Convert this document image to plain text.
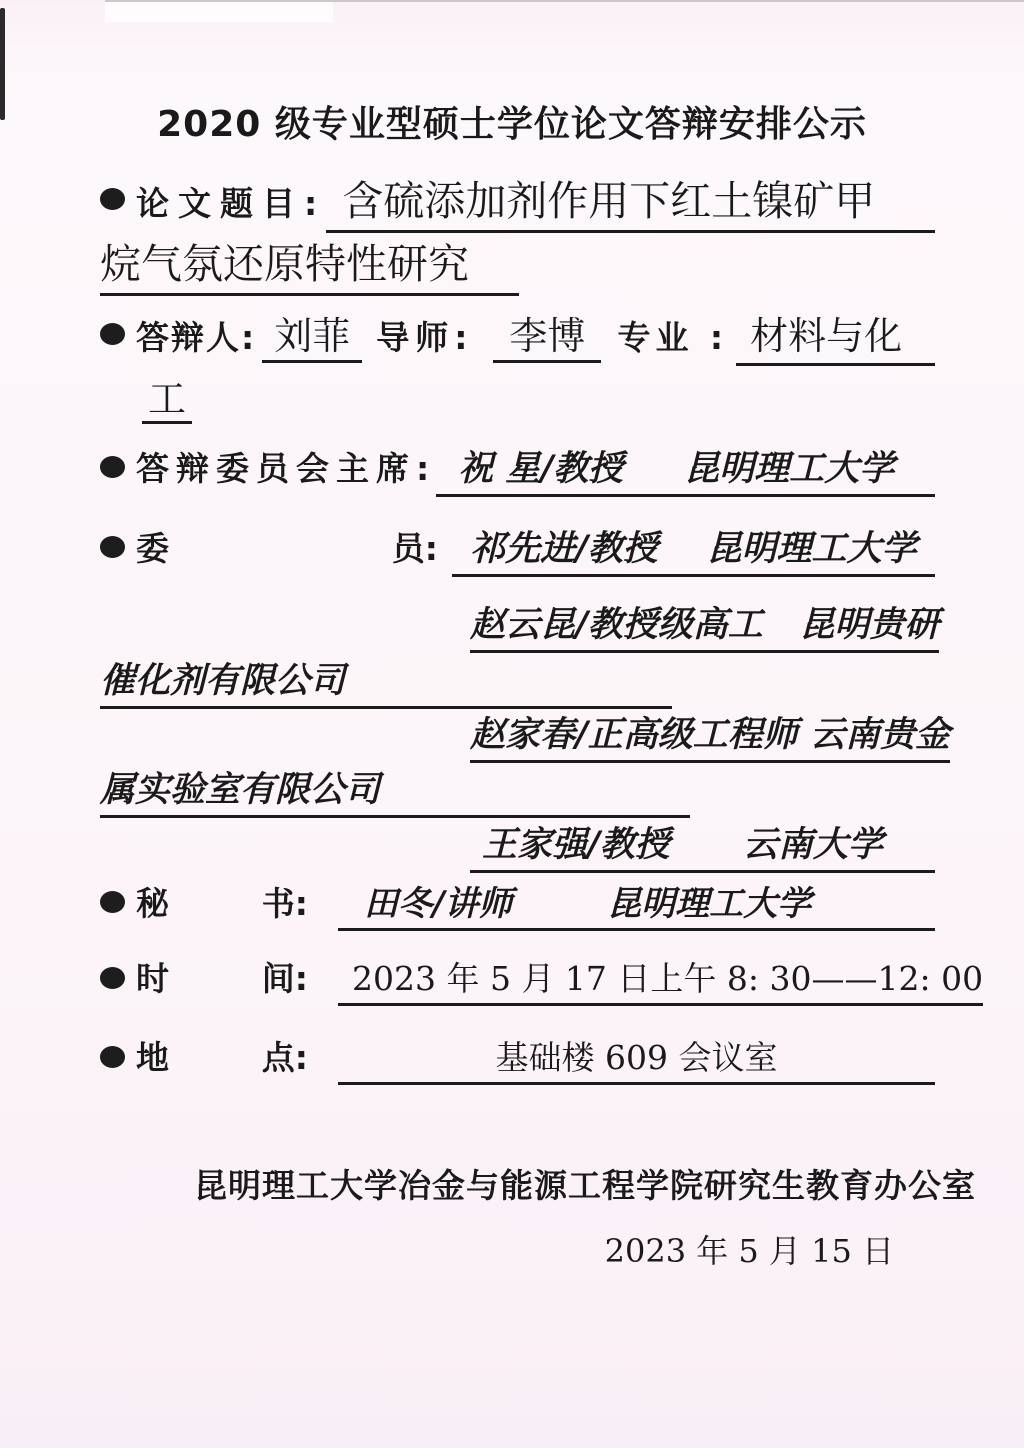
2020 级专业型硕士学位论文答辩安排公示
论文题目: 含硫添加剂作用下红土镍矿甲
烷气氛还原特性研究
答辩人: 刘菲 导师: 李博 专业 : 材料与化
工
答辩委员会主席: 祝 星/教授     昆明理工大学
委	员: 祁先进/教授    昆明理工大学
赵云昆/教授级高工   昆明贵研
催化剂有限公司
赵家春/正高级工程师 云南贵金
属实验室有限公司
王家强/教授      云南大学
秘	书:	田冬/讲师        昆明理工大学
时	间:	2023 年 5 月 17 日上午 8: 30——12: 00
地	点:	基础楼 609 会议室
昆明理工大学冶金与能源工程学院研究生教育办公室
2023 年 5 月 15 日
